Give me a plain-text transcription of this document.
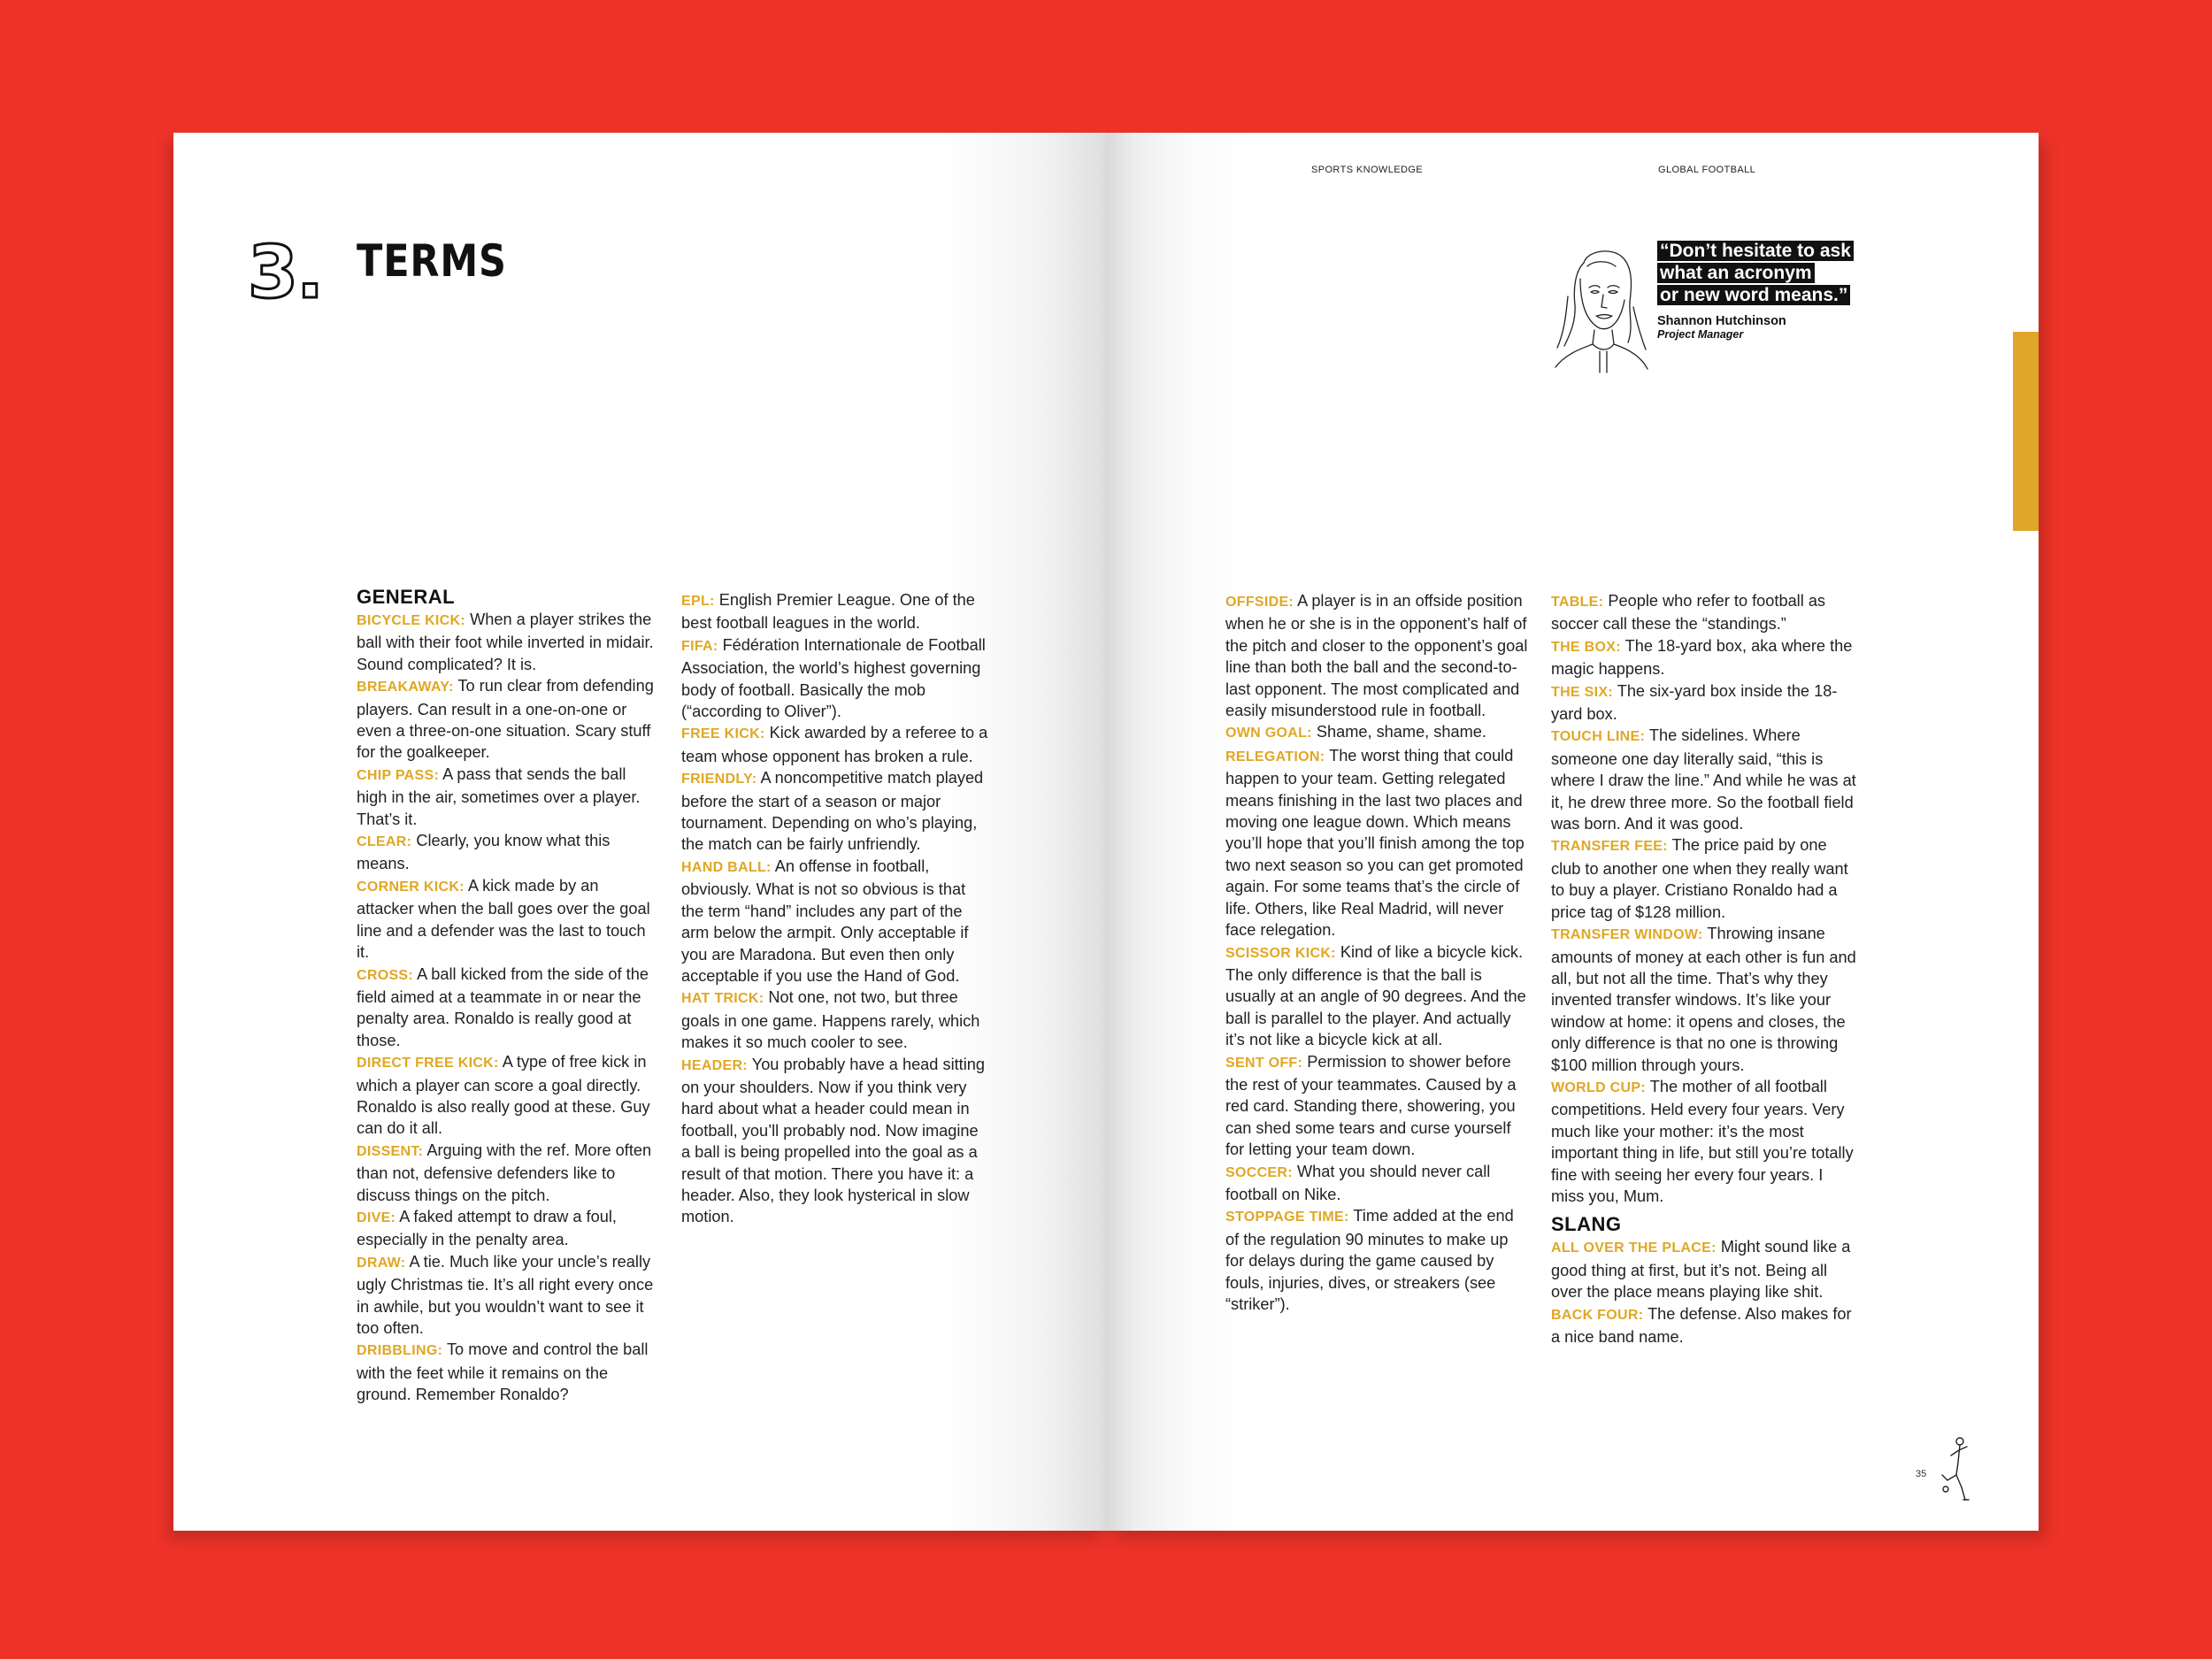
3. TERMS
GENERAL

BICYCLE KICK: When a player strikes the ball with their foot while inverted in midair. Sound complicated? It is.

BREAKAWAY: To run clear from defending players. Can result in a one-on-one or even a three-on-one situation. Scary stuff for the goalkeeper.

CHIP PASS: A pass that sends the ball high in the air, sometimes over a player. That’s it.

CLEAR: Clearly, you know what this means.

CORNER KICK: A kick made by an attacker when the ball goes over the goal line and a defender was the last to touch it.

CROSS: A ball kicked from the side of the field aimed at a teammate in or near the penalty area. Ronaldo is really good at those.

DIRECT FREE KICK: A type of free kick in which a player can score a goal directly. Ronaldo is also really good at these. Guy can do it all.

DISSENT: Arguing with the ref. More often than not, defensive defenders like to discuss things on the pitch.

DIVE: A faked attempt to draw a foul, especially in the penalty area.

DRAW: A tie. Much like your uncle’s really ugly Christmas tie. It’s all right every once in awhile, but you wouldn’t want to see it too often.

DRIBBLING: To move and control the ball with the feet while it remains on the ground. Remember Ronaldo?

EPL: English Premier League. One of the best football leagues in the world.

FIFA: Fédération Internationale de Football Association, the world’s highest governing body of football. Basically the mob (“according to Oliver”).

FREE KICK: Kick awarded by a referee to a team whose opponent has broken a rule.

FRIENDLY: A noncompetitive match played before the start of a season or major tournament. Depending on who’s playing, the match can be fairly unfriendly.

HAND BALL: An offense in football, obviously. What is not so obvious is that the term “hand” includes any part of the arm below the armpit. Only acceptable if you are Maradona. But even then only acceptable if you use the Hand of God.

HAT TRICK: Not one, not two, but three goals in one game. Happens rarely, which makes it so much cooler to see.

HEADER: You probably have a head sitting on your shoulders. Now if you think very hard about what a header could mean in football, you’ll probably nod. Now imagine a ball is being propelled into the goal as a result of that motion. There you have it: a header. Also, they look hysterical in slow motion.

OFFSIDE: A player is in an offside position when he or she is in the opponent’s half of the pitch and closer to the opponent’s goal line than both the ball and the second-to-last opponent. The most complicated and easily misunderstood rule in football.

OWN GOAL: Shame, shame, shame.

RELEGATION: The worst thing that could happen to your team. Getting relegated means finishing in the last two places and moving one league down. Which means you’ll hope that you’ll finish among the top two next season so you can get promoted again. For some teams that’s the circle of life. Others, like Real Madrid, will never face relegation.

SCISSOR KICK: Kind of like a bicycle kick. The only difference is that the ball is usually at an angle of 90 degrees. And the ball is parallel to the player. And actually it’s not like a bicycle kick at all.

SENT OFF: Permission to shower before the rest of your teammates. Caused by a red card. Standing there, showering, you can shed some tears and curse yourself for letting your team down.

SOCCER: What you should never call football on Nike.

STOPPAGE TIME: Time added at the end of the regulation 90 minutes to make up for delays during the game caused by fouls, injuries, dives, or streakers (see “striker”).

TABLE: People who refer to football as soccer call these the “standings.”

THE BOX: The 18-yard box, aka where the magic happens.

THE SIX: The six-yard box inside the 18-yard box.

TOUCH LINE: The sidelines. Where someone one day literally said, “this is where I draw the line.” And while he was at it, he drew three more. So the football field was born. And it was good.

TRANSFER FEE: The price paid by one club to another one when they really want to buy a player. Cristiano Ronaldo had a price tag of $128 million.

TRANSFER WINDOW: Throwing insane amounts of money at each other is fun and all, but not all the time. That’s why they invented transfer windows. It’s like your window at home: it opens and closes, the only difference is that no one is throwing $100 million through yours.

WORLD CUP: The mother of all football competitions. Held every four years. Very much like your mother: it’s the most important thing in life, but still you’re totally fine with seeing her every four years. I miss you, Mum.

SLANG

ALL OVER THE PLACE: Might sound like a good thing at first, but it’s not. Being all over the place means playing like shit.

BACK FOUR: The defense. Also makes for a nice band name.

SPORTS KNOWLEDGE	GLOBAL FOOTBALL
“Don’t hesitate to ask
what an acronym
or new word means.”

Shannon Hutchinson
Project Manager
35
